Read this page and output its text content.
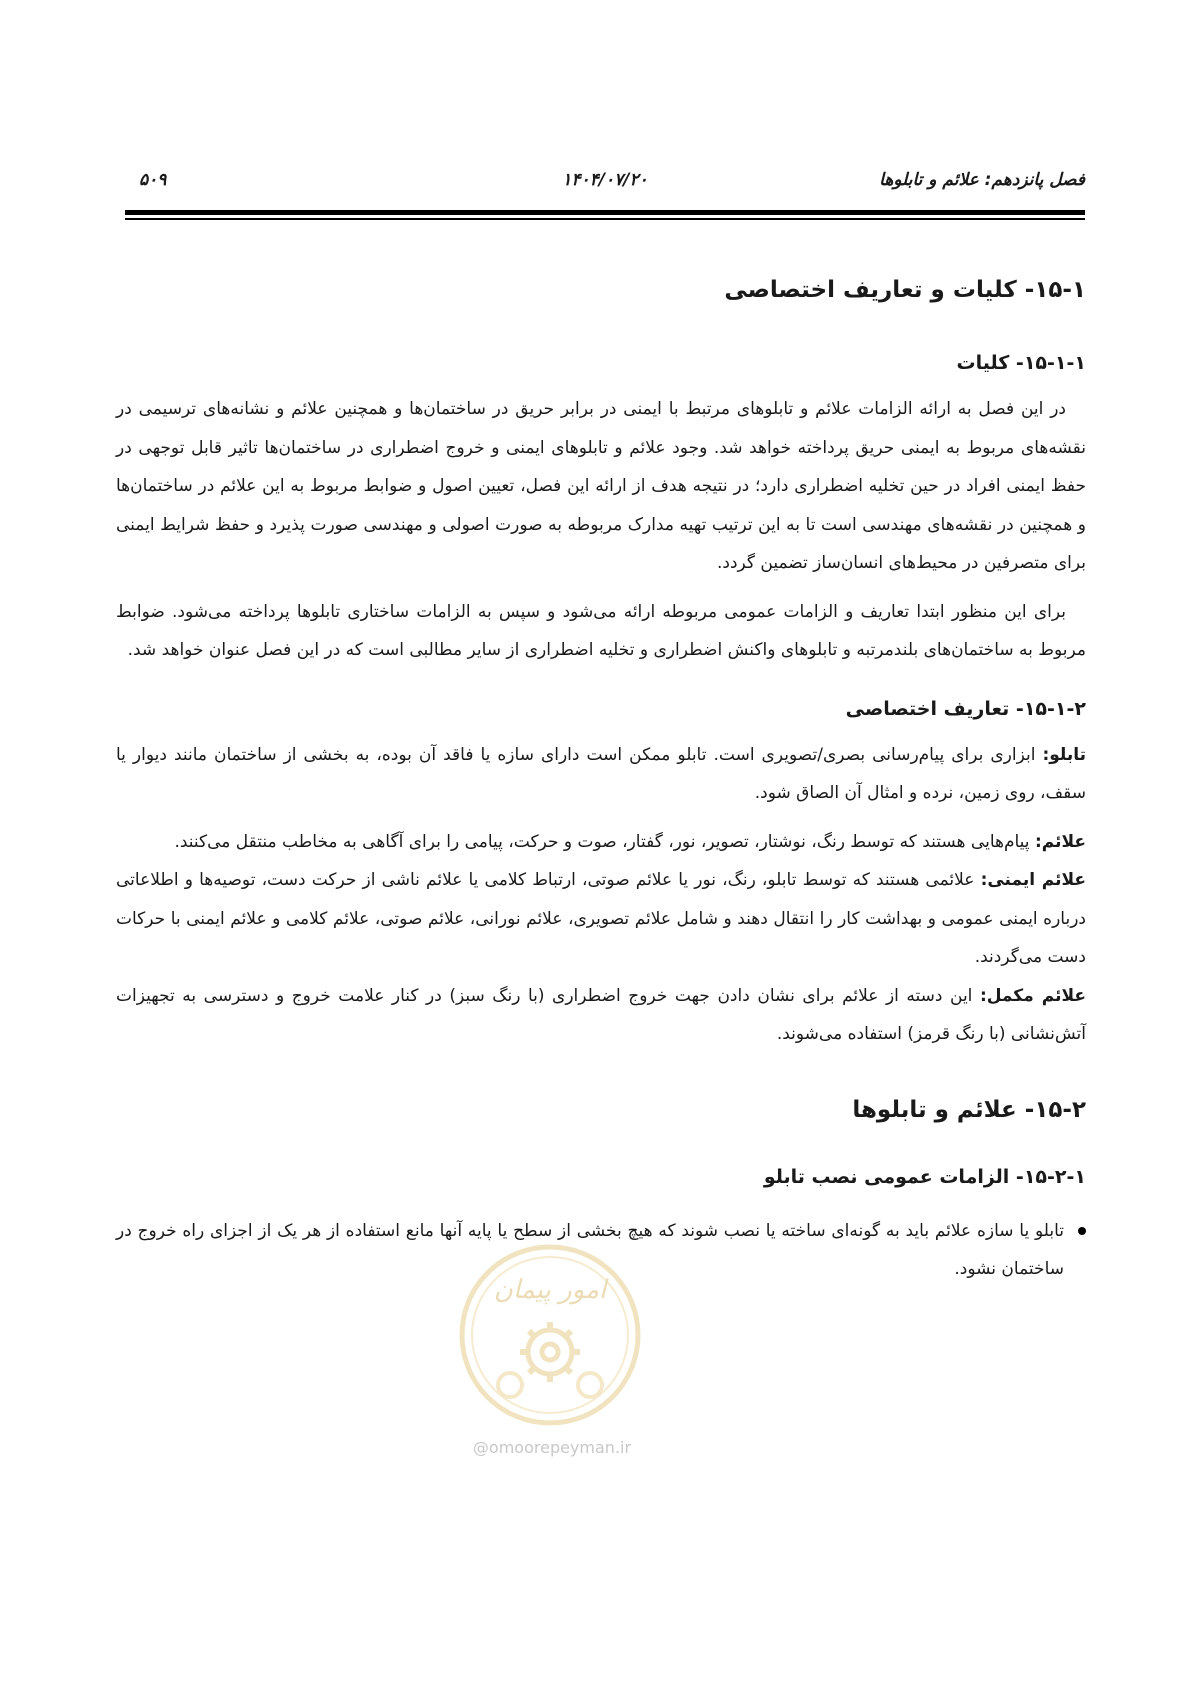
۵۰۹	۱۴۰۴/۰۷/۲۰	فصل پانزدهم: علائم و تابلوها
۱۵-۱- کلیات و تعاریف اختصاصی
۱۵-۱-۱- کلیات

در این فصل به ارائه الزامات علائم و تابلوهای مرتبط با ایمنی در برابر حریق در ساختمان‌ها و همچنین علائم و نشانه‌های ترسیمی در نقشه‌های مربوط به ایمنی حریق پرداخته خواهد شد. وجود علائم و تابلوهای ایمنی و خروج اضطراری در ساختمان‌ها تاثیر قابل توجهی در حفظ ایمنی افراد در حین تخلیه اضطراری دارد؛ در نتیجه هدف از ارائه این فصل، تعیین اصول و ضوابط مربوط به این علائم در ساختمان‌ها و همچنین در نقشه‌های مهندسی است تا به این ترتیب تهیه مدارک مربوطه به صورت اصولی و مهندسی صورت پذیرد و حفظ شرایط ایمنی برای متصرفین در محیط‌های انسان‌ساز تضمین گردد.

برای این منظور ابتدا تعاریف و الزامات عمومی مربوطه ارائه می‌شود و سپس به الزامات ساختاری تابلوها پرداخته می‌شود. ضوابط مربوط به ساختمان‌های بلندمرتبه و تابلوهای واکنش اضطراری و تخلیه اضطراری از سایر مطالبی است که در این فصل عنوان خواهد شد.

۱۵-۱-۲- تعاریف اختصاصی

تابلو: ابزاری برای پیام‌رسانی بصری/تصویری است. تابلو ممکن است دارای سازه یا فاقد آن بوده، به بخشی از ساختمان مانند دیوار یا سقف، روی زمین، نرده و امثال آن الصاق شود.

علائم: پیام‌هایی هستند که توسط رنگ، نوشتار، تصویر، نور، گفتار، صوت و حرکت، پیامی را برای آگاهی به مخاطب منتقل می‌کنند.

علائم ایمنی: علائمی هستند که توسط تابلو، رنگ، نور یا علائم صوتی، ارتباط کلامی یا علائم ناشی از حرکت دست، توصیه‌ها و اطلاعاتی درباره ایمنی عمومی و بهداشت کار را انتقال دهند و شامل علائم تصویری، علائم نورانی، علائم صوتی، علائم کلامی و علائم ایمنی با حرکات دست می‌گردند.

علائم مکمل: این دسته از علائم برای نشان دادن جهت خروج اضطراری (با رنگ سبز) در کنار علامت خروج و دسترسی به تجهیزات آتش‌نشانی (با رنگ قرمز) استفاده می‌شوند.

۱۵-۲- علائم و تابلوها
۱۵-۲-۱- الزامات عمومی نصب تابلو
تابلو یا سازه علائم باید به گونه‌ای ساخته یا نصب شوند که هیچ بخشی از سطح یا پایه آنها مانع استفاده از هر یک از اجزای راه خروج در ساختمان نشود.
امور پیمان
@omoorepeyman.ir
